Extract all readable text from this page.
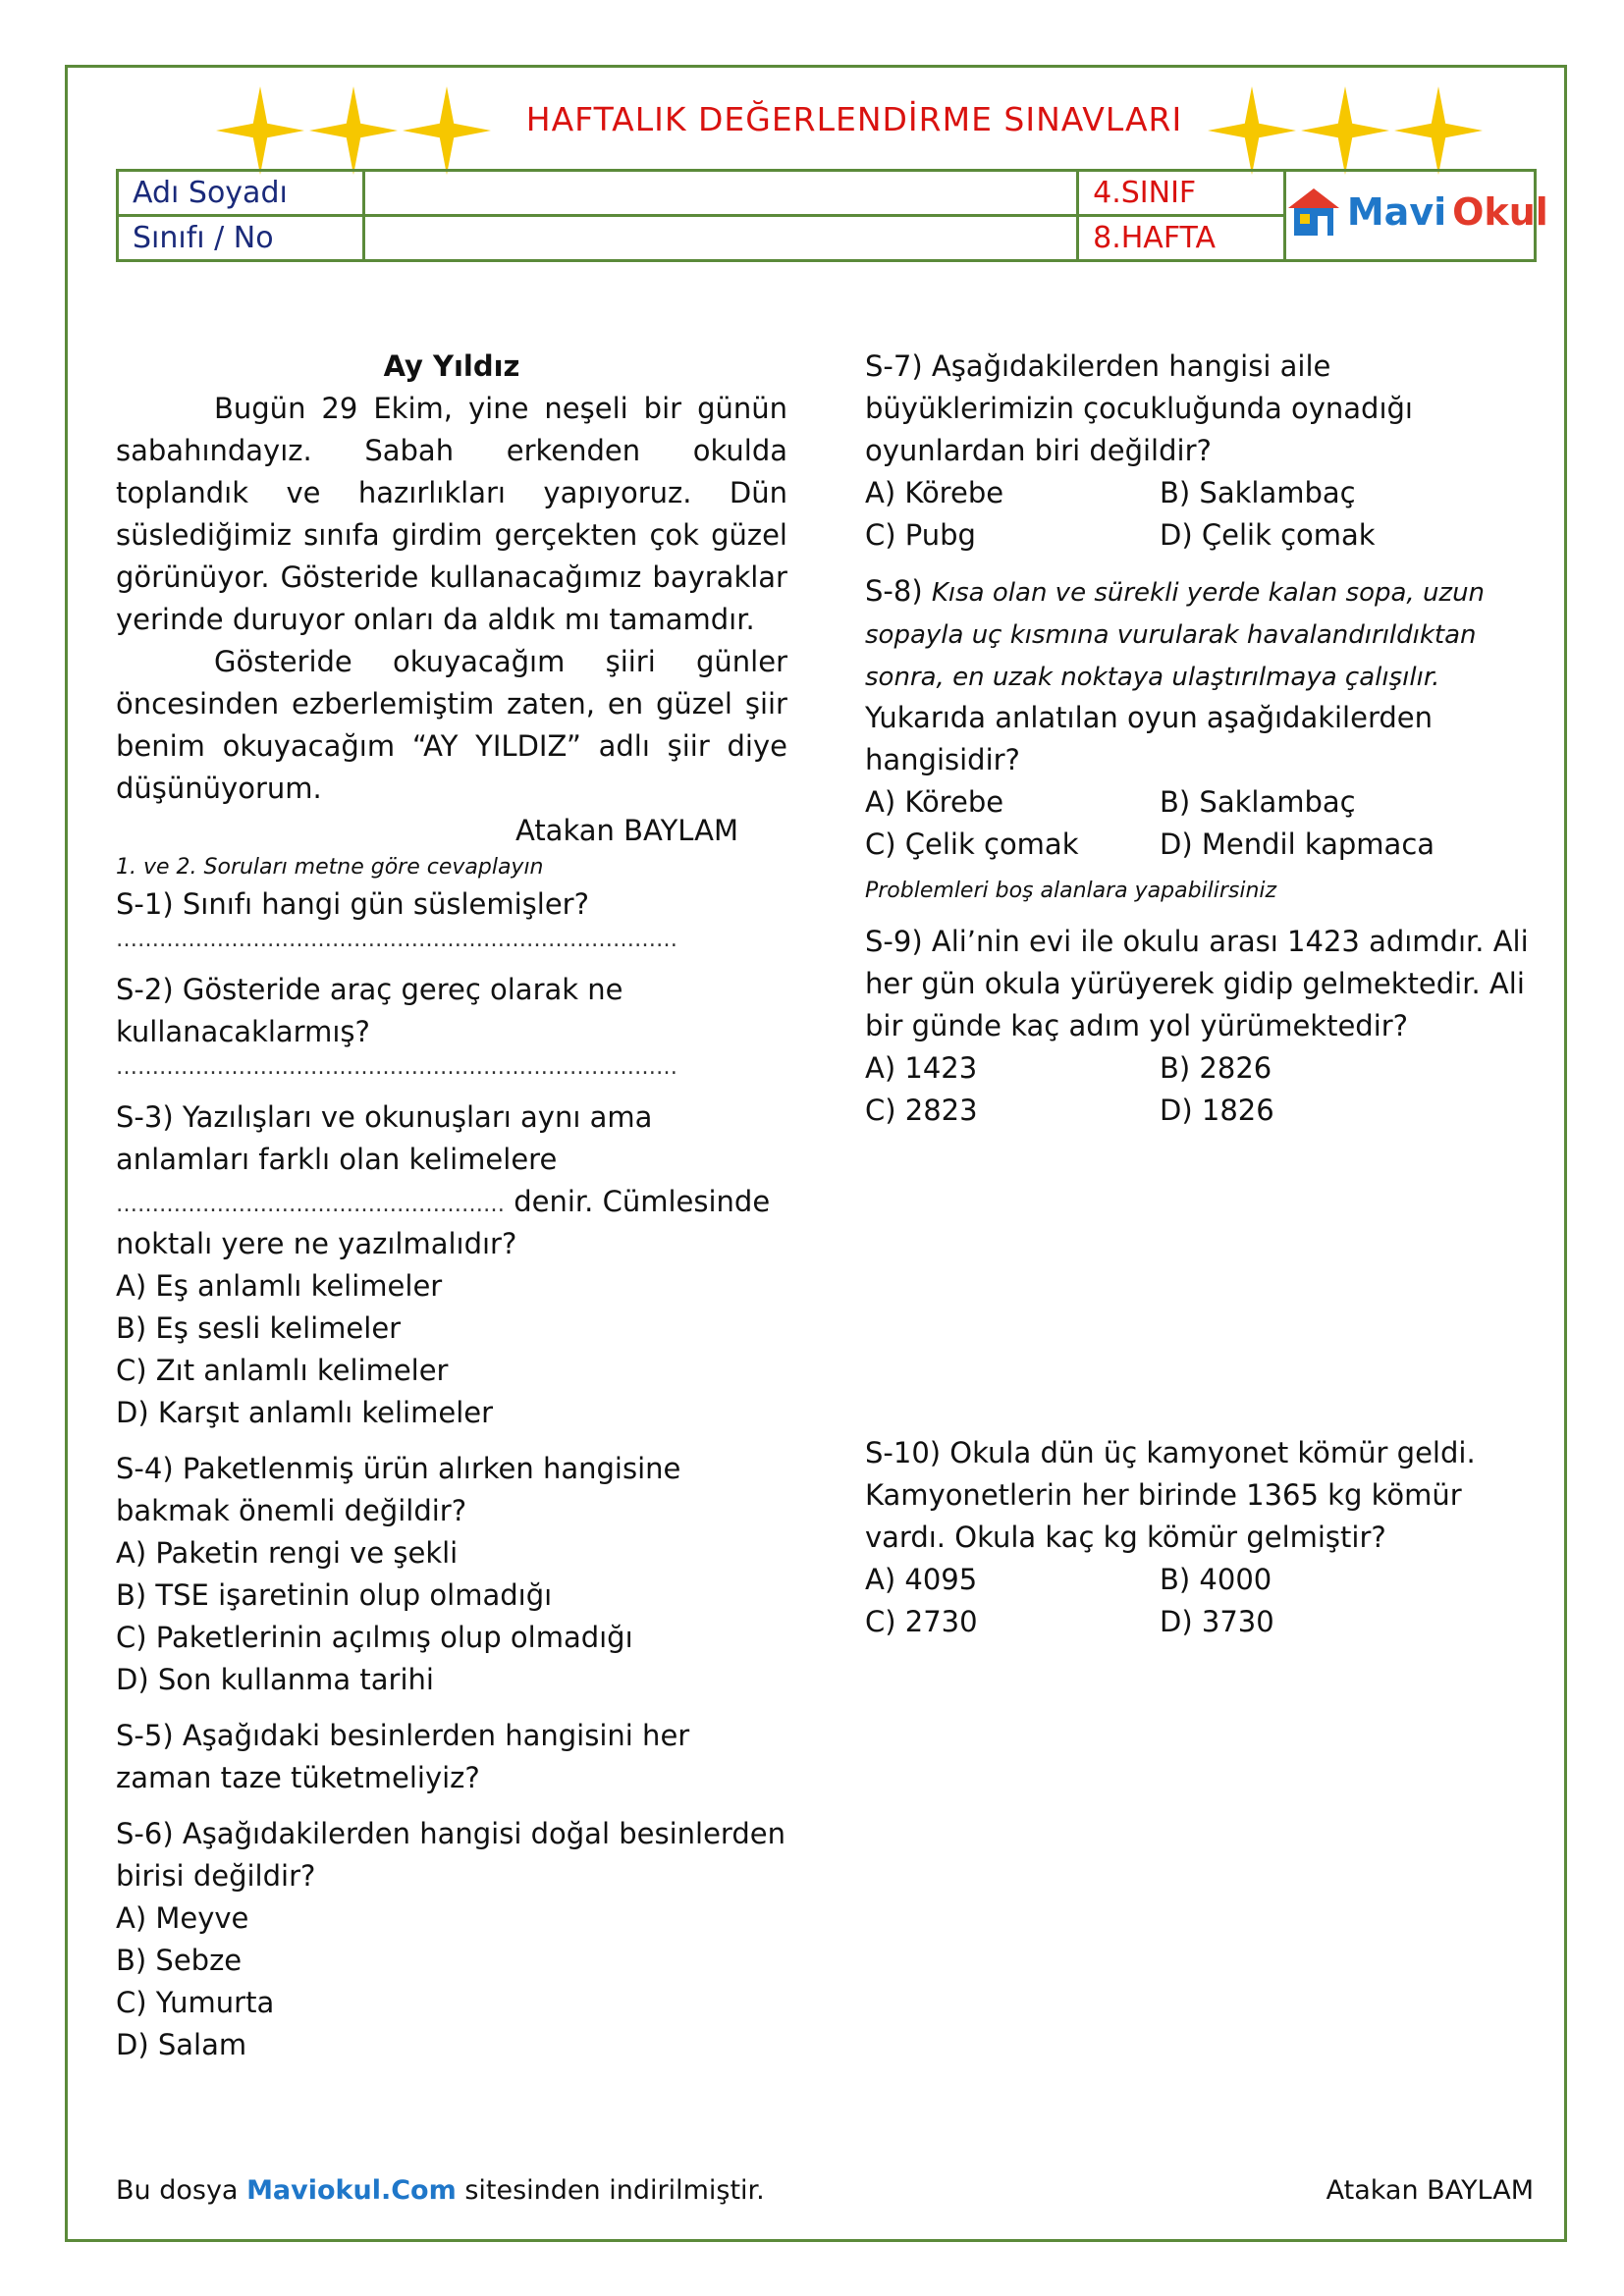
HAFTALIK DEĞERLENDİRME SINAVLARI
Adı Soyadı		4.SINIF	Mavi Okul

Sınıfı / No		8.HAFTA	

Ay Yıldız

Bugün 29 Ekim, yine neşeli bir günün sabahındayız. Sabah erkenden okulda toplandık ve hazırlıkları yapıyoruz. Dün süslediğimiz sınıfa girdim gerçekten çok güzel görünüyor. Gösteride kullanacağımız bayraklar yerinde duruyor onları da aldık mı tamamdır.

Gösteride okuyacağım şiiri günler öncesinden ezberlemiştim zaten, en güzel şiir benim okuyacağım “AY YILDIZ” adlı şiir diye düşünüyorum.

Atakan BAYLAM

1. ve 2. Soruları metne göre cevaplayın

S-1) Sınıfı hangi gün süslemişler?

……………………………………………………………………

S-2) Gösteride araç gereç olarak ne kullanacaklarmış?

……………………………………………………………………

S-3) Yazılışları ve okunuşları aynı ama anlamları farklı olan kelimelere ……………………………………………… denir. Cümlesinde noktalı yere ne yazılmalıdır?

A) Eş anlamlı kelimeler

B) Eş sesli kelimeler

C) Zıt anlamlı kelimeler

D) Karşıt anlamlı kelimeler

S-4) Paketlenmiş ürün alırken hangisine bakmak önemli değildir?

A) Paketin rengi ve şekli

B) TSE işaretinin olup olmadığı

C) Paketlerinin açılmış olup olmadığı

D) Son kullanma tarihi

S-5) Aşağıdaki besinlerden hangisini her zaman taze tüketmeliyiz?

S-6) Aşağıdakilerden hangisi doğal besinlerden birisi değildir?

A) Meyve

B) Sebze

C) Yumurta

D) Salam

S-7) Aşağıdakilerden hangisi aile büyüklerimizin çocukluğunda oynadığı oyunlardan biri değildir?

A) Körebe	B) Saklambaç
C) Pubg	D) Çelik çomak

S-8) Kısa olan ve sürekli yerde kalan sopa, uzun sopayla uç kısmına vurularak havalandırıldıktan sonra, en uzak noktaya ulaştırılmaya çalışılır.

Yukarıda anlatılan oyun aşağıdakilerden hangisidir?

A) Körebe	B) Saklambaç
C) Çelik çomak	D) Mendil kapmaca

Problemleri boş alanlara yapabilirsiniz

S-9) Ali’nin evi ile okulu arası 1423 adımdır. Ali her gün okula yürüyerek gidip gelmektedir. Ali bir günde kaç adım yol yürümektedir?

A) 1423	B) 2826
C) 2823	D) 1826

S-10) Okula dün üç kamyonet kömür geldi. Kamyonetlerin her birinde 1365 kg kömür vardı. Okula kaç kg kömür gelmiştir?

A) 4095	B) 4000
C) 2730	D) 3730
Bu dosya Maviokul.Com sitesinden indirilmiştir.	Atakan BAYLAM
